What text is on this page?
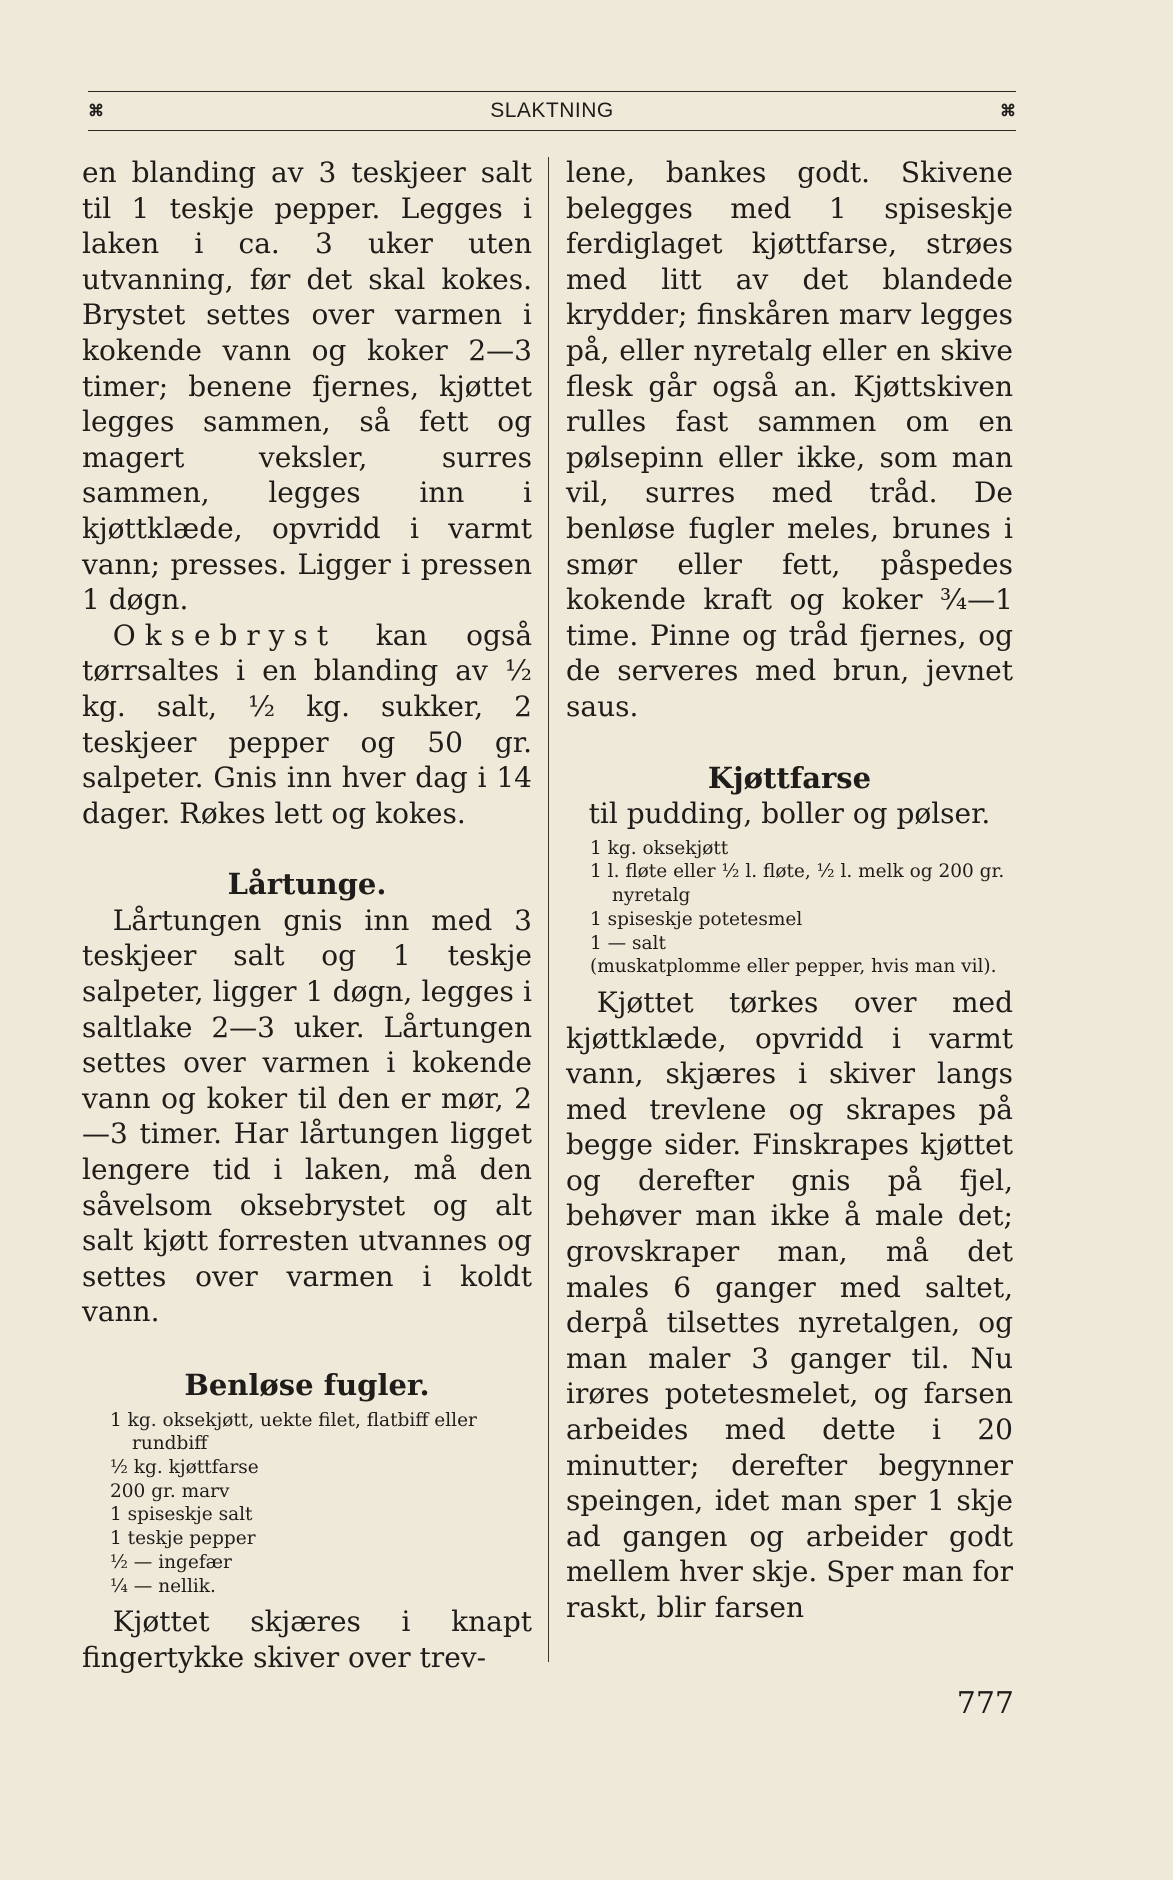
⌘	SLAKTNING	⌘

en blanding av 3 teskjeer salt til 1 teskje pepper. Legges i laken i ca. 3 uker uten utvanning, før det skal kokes. Brystet settes over varmen i kokende vann og koker 2—3 timer; benene fjernes, kjøttet legges sammen, så fett og magert veksler, surres sammen, legges inn i kjøttklæde, opvridd i varmt vann; presses. Ligger i pressen 1 døgn.

Oksebryst kan også tørrsaltes i en blanding av ½ kg. salt, ½ kg. sukker, 2 teskjeer pepper og 50 gr. salpeter. Gnis inn hver dag i 14 dager. Røkes lett og kokes.

Lårtunge.

Lårtungen gnis inn med 3 teskjeer salt og 1 teskje salpeter, ligger 1 døgn, legges i saltlake 2—3 uker. Lårtungen settes over varmen i kokende vann og koker til den er mør, 2—3 timer. Har lårtungen ligget lengere tid i laken, må den såvelsom oksebrystet og alt salt kjøtt forresten utvannes og settes over varmen i koldt vann.

Benløse fugler.

1 kg. oksekjøtt, uekte filet, flatbiff eller rundbiff
½ kg. kjøttfarse
200 gr. marv
1 spiseskje salt
1 teskje pepper
½ — ingefær
¼ — nellik.

Kjøttet skjæres i knapt fingertykke skiver over trev-

lene, bankes godt. Skivene belegges med 1 spiseskje ferdiglaget kjøttfarse, strøes med litt av det blandede krydder; finskåren marv legges på, eller nyretalg eller en skive flesk går også an. Kjøttskiven rulles fast sammen om en pølsepinn eller ikke, som man vil, surres med tråd. De benløse fugler meles, brunes i smør eller fett, påspedes kokende kraft og koker ¾—1 time. Pinne og tråd fjernes, og de serveres med brun, jevnet saus.

Kjøttfarse

til pudding, boller og pølser.

1 kg. oksekjøtt
1 l. fløte eller ½ l. fløte, ½ l. melk og 200 gr. nyretalg
1 spiseskje potetesmel
1 — salt
(muskatplomme eller pepper, hvis man vil).

Kjøttet tørkes over med kjøttklæde, opvridd i varmt vann, skjæres i skiver langs med trevlene og skrapes på begge sider. Finskrapes kjøttet og derefter gnis på fjel, behøver man ikke å male det; grovskraper man, må det males 6 ganger med saltet, derpå tilsettes nyretalgen, og man maler 3 ganger til. Nu irøres potetesmelet, og farsen arbeides med dette i 20 minutter; derefter begynner speingen, idet man sper 1 skje ad gangen og arbeider godt mellem hver skje. Sper man for raskt, blir farsen

777
